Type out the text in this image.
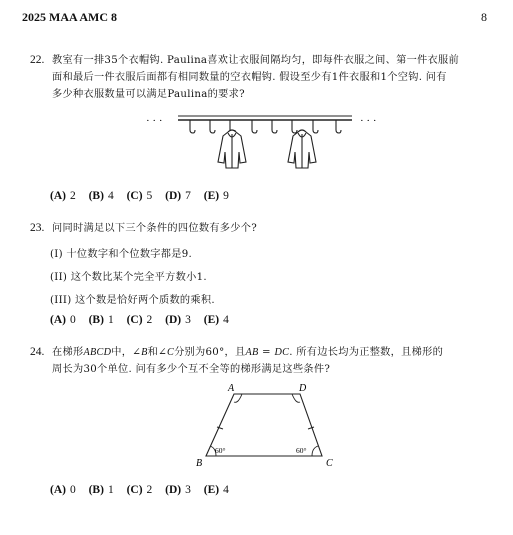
2025 MAA AMC 8	8
22. 教室有一排35个衣帽钩. Paulina喜欢让衣服间隔均匀，即每件衣服之间、第一件衣服前
面和最后一件衣服后面都有相同数量的空衣帽钩. 假设至少有1件衣服和1个空钩. 问有
多少种衣服数量可以满足Paulina的要求?
· · ·	· · ·
(A) 2 (B) 4 (C) 5 (D) 7 (E) 9
23. 问同时满足以下三个条件的四位数有多少个?
(I) 十位数字和个位数字都是9.
(II) 这个数比某个完全平方数小1.
(III) 这个数是恰好两个质数的乘积.
(A) 0 (B) 1 (C) 2 (D) 3 (E) 4
24. 在梯形ABCD中，∠B和∠C分别为60°，且AB = DC. 所有边长均为正整数，且梯形的
周长为30个单位. 问有多少个互不全等的梯形满足这些条件?
A	D
B	C
60°	60°
(A) 0 (B) 1 (C) 2 (D) 3 (E) 4
